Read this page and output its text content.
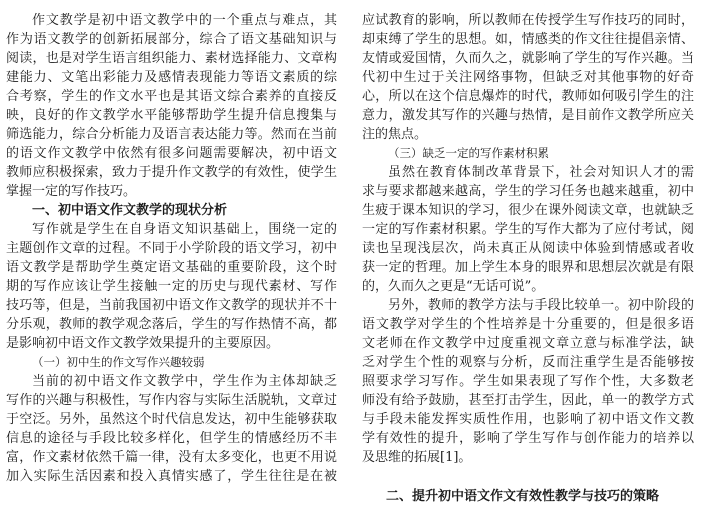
作文教学是初中语文教学中的一个重点与难点，其
作为语文教学的创新拓展部分，综合了语文基础知识与
阅读，也是对学生语言组织能力、素材选择能力、文章构
建能力、文笔出彩能力及感情表现能力等语文素质的综
合考察，学生的作文水平也是其语文综合素养的直接反
映，良好的作文教学水平能够帮助学生提升信息搜集与
筛选能力，综合分析能力及语言表达能力等。然而在当前
的语文作文教学中依然有很多问题需要解决，初中语文
教师应积极探索，致力于提升作文教学的有效性，使学生
掌握一定的写作技巧。
一、初中语文作文教学的现状分析
写作就是学生在自身语文知识基础上，围绕一定的
主题创作文章的过程。不同于小学阶段的语文学习，初中
语文教学是帮助学生奠定语文基础的重要阶段，这个时
期的写作应该让学生接触一定的历史与现代素材、写作
技巧等，但是，当前我国初中语文作文教学的现状并不十
分乐观，教师的教学观念落后，学生的写作热情不高，都
是影响初中语文作文教学效果提升的主要原因。
（一）初中生的作文写作兴趣较弱
当前的初中语文作文教学中，学生作为主体却缺乏
写作的兴趣与积极性，写作内容与实际生活脱轨，文章过
于空泛。另外，虽然这个时代信息发达，初中生能够获取
信息的途径与手段比较多样化，但学生的情感经历不丰
富，作文素材依然千篇一律，没有太多变化，也更不用说
加入实际生活因素和投入真情实感了，学生往往是在被
应试教育的影响，所以教师在传授学生写作技巧的同时，
却束缚了学生的思想。如，情感类的作文往往提倡亲情、
友情或爱国情，久而久之，就影响了学生的写作兴趣。当
代初中生过于关注网络事物，但缺乏对其他事物的好奇
心，所以在这个信息爆炸的时代，教师如何吸引学生的注
意力，激发其写作的兴趣与热情，是目前作文教学所应关
注的焦点。
（三）缺乏一定的写作素材积累
虽然在教育体制改革背景下，社会对知识人才的需
求与要求都越来越高，学生的学习任务也越来越重，初中
生疲于课本知识的学习，很少在课外阅读文章，也就缺乏
一定的写作素材积累。学生的写作大都为了应付考试，阅
读也呈现浅层次，尚未真正从阅读中体验到情感或者收
获一定的哲理。加上学生本身的眼界和思想层次就是有限
的，久而久之更是“无话可说”。
另外，教师的教学方法与手段比较单一。初中阶段的
语文教学对学生的个性培养是十分重要的，但是很多语
文老师在作文教学中过度重视文章立意与标准学法，缺
乏对学生个性的观察与分析，反而注重学生是否能够按
照要求学习写作。学生如果表现了写作个性，大多数老
师没有给予鼓励，甚至打击学生，因此，单一的教学方式
与手段未能发挥实质性作用，也影响了初中语文作文教
学有效性的提升，影响了学生写作与创作能力的培养以
及思维的拓展[1]。
二、提升初中语文作文有效性教学与技巧的策略
